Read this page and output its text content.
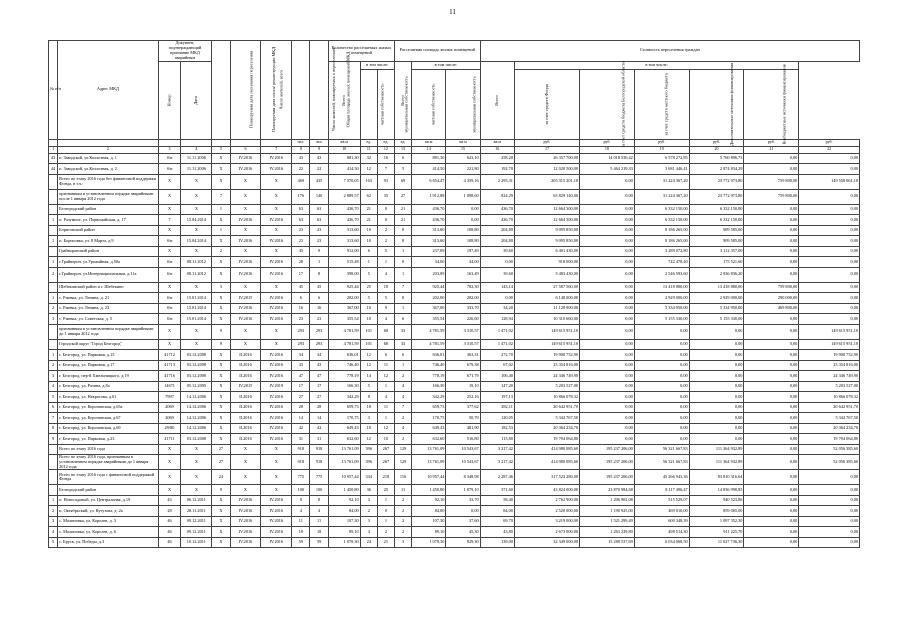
11
№ п/п	Адрес МКД	Документ, подтверждающий признание МКД аварийным		Планируемая дата окончания переселения	Планируемая дата сноса/ реконструкции МКД	Число жителей, всего	Число жителей, планируемых к переселению	Общая площадь жилых помещений МКД	Количество расселяемых жилых помещений			Расселяемая площадь жилых помещений			Стоимость переселения граждан						
		Номер	Дата						Всего	в том числе:		Всего	в том числе:		Всего	в том числе:					
										частная собственность	муниципальная собственность		частная собственность	муниципальная собственность		за счет средств Фонда	за счет средств бюджета Белгородской области	за счет средств местного бюджета	Дополнительные источники финансирования	Внебюджетные источники финансирования	
							чел.	чел.	кв.м	ед.	ед.	ед.	кв.м	кв.м	кв.м	руб.	руб.	руб.	руб.	руб.	руб.
1	2	3	4	5	6	7	8	9	10	11	12	13	14	15	16	17	18	19	20	21	22
43	п. Заводской, ул.Колхозная, д. 1	б/н	11.11.2006	X	IV.2016	IV.2016	43	43	881,30	32	16	6	881,30	623,10	258,20	26 357 700,00	14 018 530,42	6 578 272,85	5 760 896,73	0,00	0,00
44	п. Заводской, ул.Колхозная, д. 2	б/н	11.11.2006	X	IV.2016	IV.2016	22	22	414,50	12	7	5	414,50	221,80	192,70	12 020 500,00	5 464 219,33	3 681 446,41	2 874 834,29	0,00	0,00
	Всего по этапу 2016 года без финансовой поддержки Фонда, в т.ч.:	X	X	X	X	X	469	435	7 570,05	163	93	69	6 654,47	4 359,16	2 295,31	205 315 201,10	0,00	31 224 367,20	23 772 973,80	759 800,00	149 558 061,10
	признанным в установленном порядке аварийными после 1 января 2012 года	X	X	7	X	X	176	140	2 889,57	62	35	27	1 912,88	1 098,60	824,29	63 829 140,00	0,00	31 224 367,20	23 772 973,80	759 800,00	0,00
	Белгородский район	X	X	1	X	X	63	63	436,70	21	0	21	436,70	0,00	436,70	12 664 300,00	0,00	6 332 150,00	6 332 150,00	0,00	0,00
1	п. Разумное, ул. Первомайская, д. 17	7	15.04.2014	X	IV.2016	IV.2016	63	63	436,70	21	0	21	436,70	0,00	436,70	12 664 300,00	0,00	6 332 150,00	6 332 150,00	0,00	0,00
	Борисовский район	X	X	1	X	X	23	23	313,60	10	2	8	313,60	108,80	204,80	9 095 850,00	0,00	8 186 265,00	909 585,00	0,00	0,00
1	п. Борисовка, ул. 8 Марта, д.9	б/н	15.04.2014	X	IV.2016	IV.2016	23	23	313,60	10	2	8	313,60	108,80	204,80	9 095 850,00	0,00	8 186 265,00	909 585,00	0,00	0,00
	Грайворонский район	X	X	2	X	X	45	9	912,00	6	5	1	237,09	197,49	39,60	6 401 430,00	0,00	3 289 072,80	3 112 357,00	0,00	0,00
1	г.Грайворон, ул.Урожайная, д.50а	б/н	08.11.2012	X	IV.2016	IV.2016	28	1	515,48	1	1	0	34,00	34,00	0,00	918 000,00	0,00	742 478,40	175 521,60	0,00	0,00
2	г.Грайворон, ул.Интернациональная, д.11а	б/н	08.11.2012	X	IV.2016	IV.2016	17	8	398,00	5	4	1	203,09	163,49	39,60	5 483 430,00	0,00	2 546 593,60	2 936 836,20	0,00	0,00
	Шебекинский район и г. Шебекино	X	X	3	X	X	45	45	925,44	25	18	7	925,44	782,30	143,14	27 587 560,00	0,00	13 418 880,00	13 418 880,00	759 800,00	0,00
1	с. Ржевка, ул. Ленина, д. 21	б/н	15.01.2014	X	IV.2015	IV.2016	6	6	202,00	5	5	0	202,00	202,00	0,00	6 148 000,00	0,00	2 929 000,00	2 929 000,00	290 000,00	0,00
2	с. Ржевка, ул. Ленина, д. 23	б/н	15.01.2014	X	IV.2016	IV.2016	16	16	367,00	10	9	1	367,00	333,70	34,20	11 128 900,00	0,00	5 334 950,00	5 334 950,00	469 800,00	0,00
3	с. Ржевка, ул. Советская, д. 5	б/н	15.01.2014	X	IV.2016	IV.2016	23	23	355,54	10	4	6	355,54	226,60	128,94	10 310 660,00	0,00	5 155 330,00	5 155 330,00	0,00	0,00
	признанным в установленном порядке аварийными до 1 января 2012 года	X	X	9	X	X	293	293	4 781,59	101	68	33	4 781,59	3 310,57	1 471,02	149 615 951,10	0,00	0,00	0,00	0,00	149 615 951,10
	Городской округ "Город Белгород"	X	X	9	X	X	293	293	4 781,59	101	68	33	4 781,59	3 310,57	1 471,02	149 615 951,10	0,00	0,00	0,00	0,00	149 615 951,10
1	г. Белгород, ул. Парковая, д.15	41712	03.12.2008	X	II.2016	IV.2016	34	34	636,01	12	6	6	636,01	363,31	272,70	19 900 752,90	0,00	0,00	0,00	0,00	19 900 752,90
2	г. Белгород, ул. Парковая, д.17	41713	03.12.2008	X	II.2016	IV.2016	43	43	746,40	12	11	1	746,40	679,38	67,02	23 354 816,00	0,00	0,00	0,00	0,00	23 354 816,00
3	г. Белгород, пер-й Хмельницкого, д.19	41716	03.12.2008	X	II.2016	IV.2016	47	47	778,19	14	12	2	778,19	671,79	106,40	24 346 749,90	0,00	0,00	0,00	0,00	24 346 749,90
4	г. Белгород, ул. Разина, д.8а	14671	05.12.2005	X	IV.2015	IV.2019	17	17	166,30	5	1	4	166,30	19,10	147,20	5 203 527,00	0,00	0,00	0,00	0,00	5 203 527,00
5	г. Белгород, ул. Некрасова, д.61	7997	14.12.2006	X	II.2016	IV.2016	27	27	342,29	8	4	4	342,29	252,16	197,13	10 866 078,32	0,00	0,00	0,00	0,00	10 866 078,32
6	г. Белгород, ул. Корочанская, д.65а	2069	14.12.2006	X	II.2016	IV.2016	28	28	659,73	18	11	7	659,73	377,62	282,11	20 642 951,70	0,00	0,00	0,00	0,00	20 642 951,70
7	г. Белгород, ул. Корочанская, д.67	2069	14.12.2006	X	II.2016	IV.2016	14	14	170,75	3	1	2	170,75	50,70	120,05	5 342 767,50	0,00	0,00	0,00	0,00	5 342 767,50
8	г. Белгород, ул. Корочанская, д.69	29/80	14.12.2006	X	II.2016	IV.2016	42	42	649,43	18	12	4	649,43	481,90	182,53	20 364 234,70	0,00	0,00	0,00	0,00	20 364 234,70
9	г. Белгород, ул. Парковая, д.23	41711	03.12.2008	X	II.2016	IV.2016	31	31	632,60	12	10	2	632,60	516,80	115,80	19 794 064,80	0,00	0,00	0,00	0,00	19 794 064,80
	Всего по этапу 2016 года	X	X	27	X	X	918	918	13 761,09	396	267	129	13 761,09	10 543,67	3 217,42	414 980 085,60	195 237 206,00	56 321 667,83	111 364 932,89	0,00	52 056 385,60
	Всего по этапу 2016 года, признанным в установленном порядке аварийными до 1 января 2012 года	X	X	27	X	X	918	918	13 761,09	396	267	129	13 761,09	10 543,67	3 217,42	414 980 085,60	195 237 206,00	56 321 667,83	111 364 932,89	0,00	52 056 385,60
	Всего по этапу 2016 года с финансовой поддержкой Фонда	X	X	24	X	X	775	775	10 957,44	334	218	116	10 957,44	8 348,98	2 287,46	317 523 280,00	195 237 206,00	45 266 943,36	83 810 316,64	0,00	0,00
	Белгородский район	X	X	9	X	X	100	100	1 450,80	36	25	11	1 450,80	1 079,10	371,60	43 824 000,00	23 870 984,68	8 117 496,47	14 836 998,85	0,00	0,00
1	п. Новосадовый, ул. Центральная, д.19	43	06.12.2011	X	IV.2016	IV.2016	8	8	92,10	3	1	2	92,10	33,70	58,40	2 762 900,00	1 206 902,08	515 529,07	940 523,86	0,00	0,00
2	п. Октябрьский, ул. Кутузова, д. 2а	28	28.11.2011	X	IV.2016	IV.2016	4	4	84,00	2	0	2	84,00	0,00	84,00	2 520 000,00	1 190 925,00	469 010,00	859 065,00	0,00	0,00
3	с. Малиновка, ул. Королев, д. 3	46	09.12.2011	X	IV.2016	IV.2016	11	11	107,30	3	1	2	107,30	37,60	69,70	3 219 000,00	1 521 299,49	600 348,39	1 097 352,30	0,00	0,00
4	с. Малиновка, ул. Королев, д. 6	46	09.12.2011	X	IV.2016	IV.2016	18	18	89,10	4	2	2	89,10	45,30	43,80	2 673 000,00	1 263 239,80	498 514,30	911 225,70	0,00	0,00
5	с. Бруск, ул. Победы, д.3	46	10.12.2011	X	IV.2016	IV.2016	59	59	1 078,30	24	21	3	1 078,30	829,30	139,00	32 349 000,00	15 288 537,69	6 034 068,50	11 027 736,30	0,00	0,00
